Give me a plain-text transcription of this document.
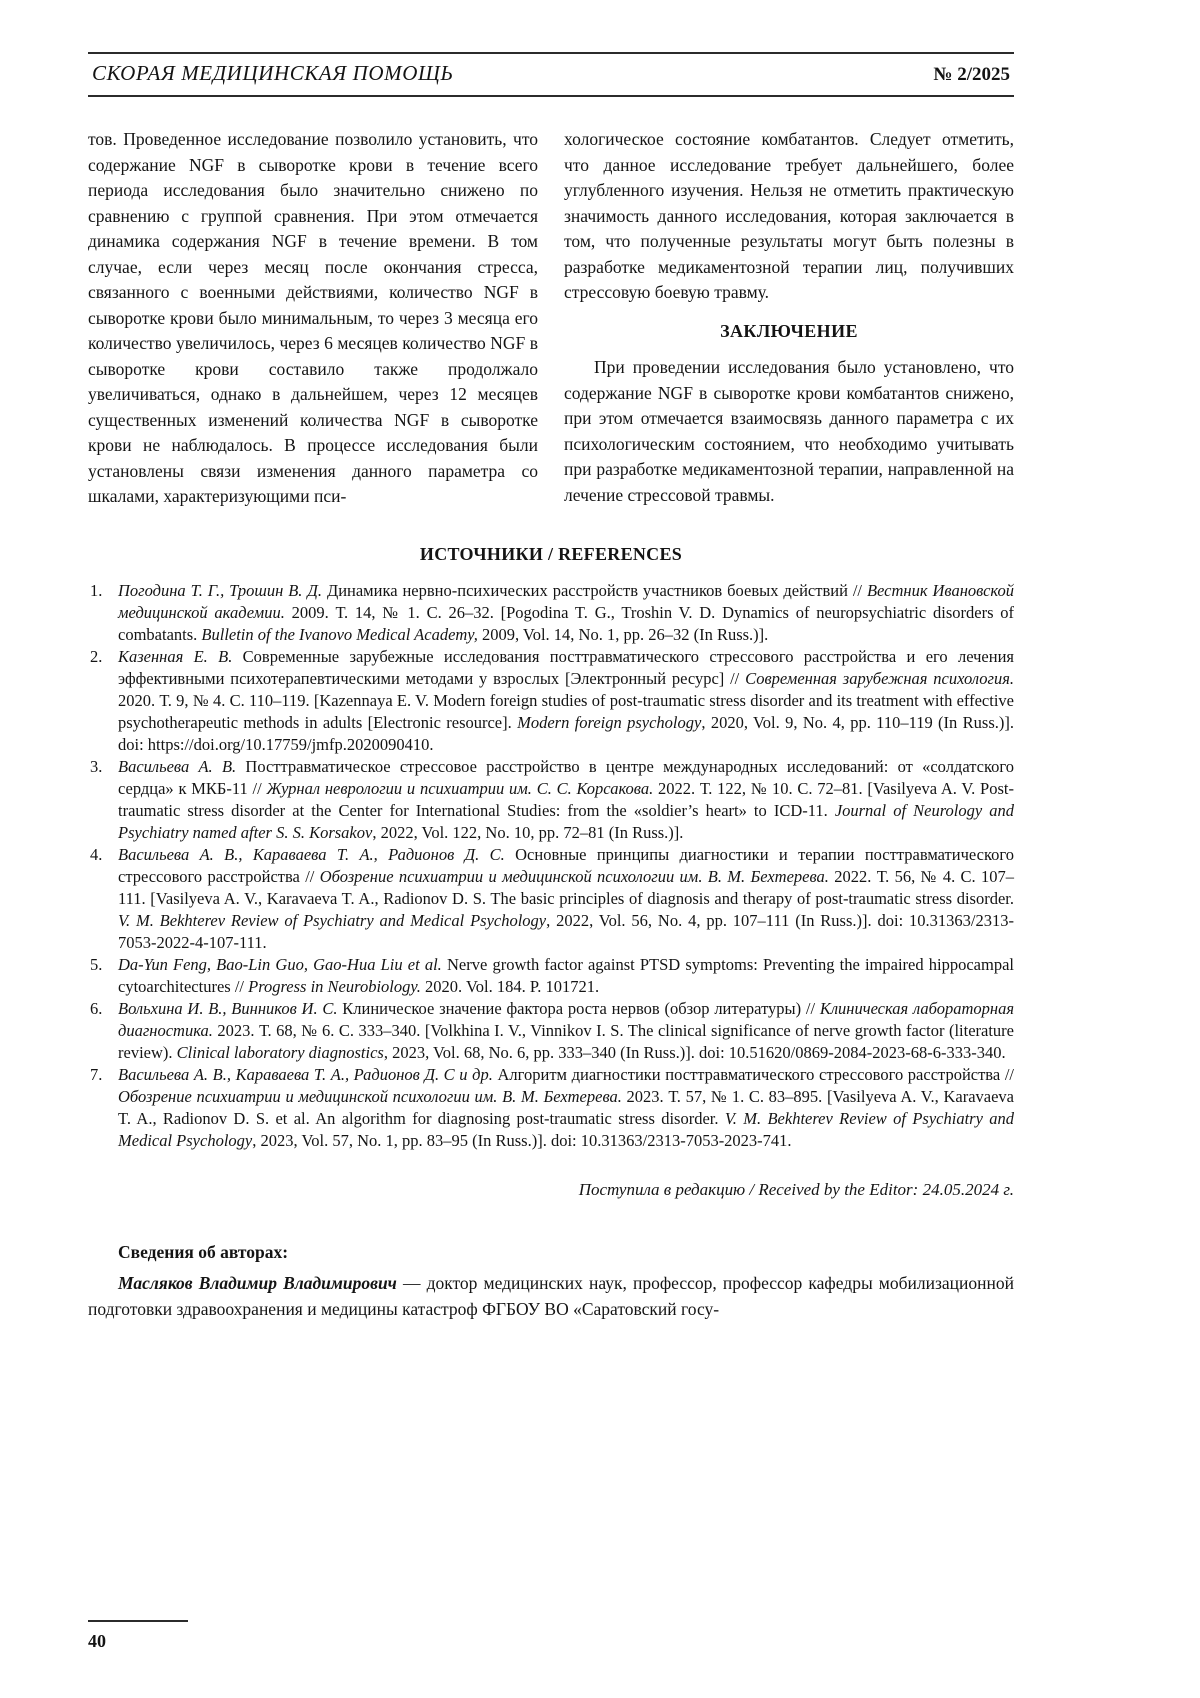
СКОРАЯ МЕДИЦИНСКАЯ ПОМОЩЬ	№ 2/2025

тов. Проведенное исследование позволило установить, что содержание NGF в сыворотке крови в течение всего периода исследования было значительно снижено по сравнению с группой сравнения. При этом отмечается динамика содержания NGF в течение времени. В том случае, если через месяц после окончания стресса, связанного с военными действиями, количество NGF в сыворотке крови было минимальным, то через 3 месяца его количество увеличилось, через 6 месяцев количество NGF в сыворотке крови составило также продолжало увеличиваться, однако в дальнейшем, через 12 месяцев существенных изменений количества NGF в сыворотке крови не наблюдалось. В процессе исследования были установлены связи изменения данного параметра со шкалами, характеризующими пси-

хологическое состояние комбатантов. Следует отметить, что данное исследование требует дальнейшего, более углубленного изучения. Нельзя не отметить практическую значимость данного исследования, которая заключается в том, что полученные результаты могут быть полезны в разработке медикаментозной терапии лиц, получивших стрессовую боевую травму.

ЗАКЛЮЧЕНИЕ

При проведении исследования было установлено, что содержание NGF в сыворотке крови комбатантов снижено, при этом отмечается взаимосвязь данного параметра с их психологическим состоянием, что необходимо учитывать при разработке медикаментозной терапии, направленной на лечение стрессовой травмы.

ИСТОЧНИКИ / REFERENCES
1. Погодина Т. Г., Трошин В. Д. Динамика нервно-психических расстройств участников боевых действий // Вестник Ивановской медицинской академии. 2009. Т. 14, № 1. С. 26–32. [Pogodina T. G., Troshin V. D. Dynamics of neuropsychiatric disorders of combatants. Bulletin of the Ivanovo Medical Academy, 2009, Vol. 14, No. 1, pp. 26–32 (In Russ.)].
2. Казенная Е. В. Современные зарубежные исследования посттравматического стрессового расстройства и его лечения эффективными психотерапевтическими методами у взрослых [Электронный ресурс] // Современная зарубежная психология. 2020. Т. 9, № 4. С. 110–119. [Kazennaya E. V. Modern foreign studies of post-traumatic stress disorder and its treatment with effective psychotherapeutic methods in adults [Electronic resource]. Modern foreign psychology, 2020, Vol. 9, No. 4, pp. 110–119 (In Russ.)]. doi: https://doi.org/10.17759/jmfp.2020090410.
3. Васильева А. В. Посттравматическое стрессовое расстройство в центре международных исследований: от «солдатского сердца» к МКБ-11 // Журнал неврологии и психиатрии им. С. С. Корсакова. 2022. Т. 122, № 10. С. 72–81. [Vasilyeva A. V. Post-traumatic stress disorder at the Center for International Studies: from the «soldier’s heart» to ICD-11. Journal of Neurology and Psychiatry named after S. S. Korsakov, 2022, Vol. 122, No. 10, pp. 72–81 (In Russ.)].
4. Васильева А. В., Караваева Т. А., Радионов Д. С. Основные принципы диагностики и терапии посттравматического стрессового расстройства // Обозрение психиатрии и медицинской психологии им. В. М. Бехтерева. 2022. Т. 56, № 4. С. 107–111. [Vasilyeva A. V., Karavaeva T. A., Radionov D. S. The basic principles of diagnosis and therapy of post-traumatic stress disorder. V. M. Bekhterev Review of Psychiatry and Medical Psychology, 2022, Vol. 56, No. 4, pp. 107–111 (In Russ.)]. doi: 10.31363/2313-7053-2022-4-107-111.
5. Da-Yun Feng, Bao-Lin Guo, Gao-Hua Liu et al. Nerve growth factor against PTSD symptoms: Preventing the impaired hippocampal cytoarchitectures // Progress in Neurobiology. 2020. Vol. 184. P. 101721.
6. Вольхина И. В., Винников И. С. Клиническое значение фактора роста нервов (обзор литературы) // Клиническая лабораторная диагностика. 2023. Т. 68, № 6. С. 333–340. [Volkhina I. V., Vinnikov I. S. The clinical significance of nerve growth factor (literature review). Clinical laboratory diagnostics, 2023, Vol. 68, No. 6, pp. 333–340 (In Russ.)]. doi: 10.51620/0869-2084-2023-68-6-333-340.
7. Васильева А. В., Караваева Т. А., Радионов Д. С и др. Алгоритм диагностики посттравматического стрессового расстройства // Обозрение психиатрии и медицинской психологии им. В. М. Бехтерева. 2023. Т. 57, № 1. С. 83–895. [Vasilyeva A. V., Karavaeva T. A., Radionov D. S. et al. An algorithm for diagnosing post-traumatic stress disorder. V. M. Bekhterev Review of Psychiatry and Medical Psychology, 2023, Vol. 57, No. 1, pp. 83–95 (In Russ.)]. doi: 10.31363/2313-7053-2023-741.
Поступила в редакцию / Received by the Editor: 24.05.2024 г.
Сведения об авторах:

Масляков Владимир Владимирович — доктор медицинских наук, профессор, профессор кафедры мобилизационной подготовки здравоохранения и медицины катастроф ФГБОУ ВО «Саратовский госу-

40
